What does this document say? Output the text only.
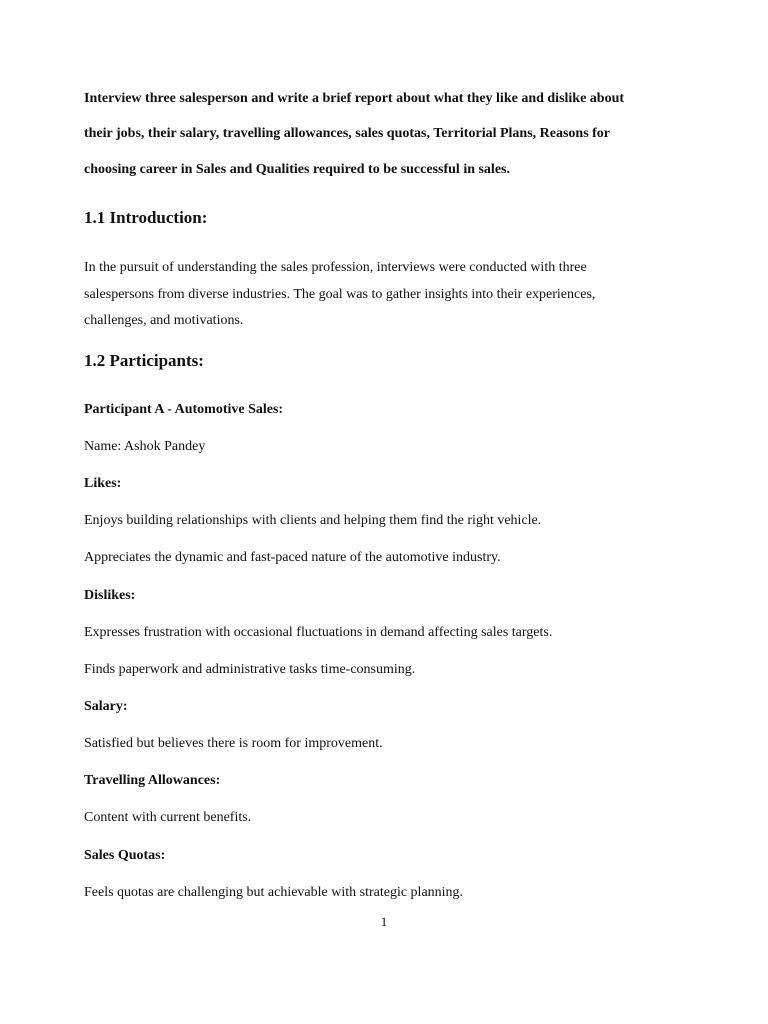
Interview three salesperson and write a brief report about what they like and dislike about

their jobs, their salary, travelling allowances, sales quotas, Territorial Plans, Reasons for

choosing career in Sales and Qualities required to be successful in sales.

1.1 Introduction:

In the pursuit of understanding the sales profession, interviews were conducted with three

salespersons from diverse industries. The goal was to gather insights into their experiences,

challenges, and motivations.

1.2 Participants:

Participant A - Automotive Sales:

Name: Ashok Pandey

Likes:

Enjoys building relationships with clients and helping them find the right vehicle.

Appreciates the dynamic and fast-paced nature of the automotive industry.

Dislikes:

Expresses frustration with occasional fluctuations in demand affecting sales targets.

Finds paperwork and administrative tasks time-consuming.

Salary:

Satisfied but believes there is room for improvement.

Travelling Allowances:

Content with current benefits.

Sales Quotas:

Feels quotas are challenging but achievable with strategic planning.

1
